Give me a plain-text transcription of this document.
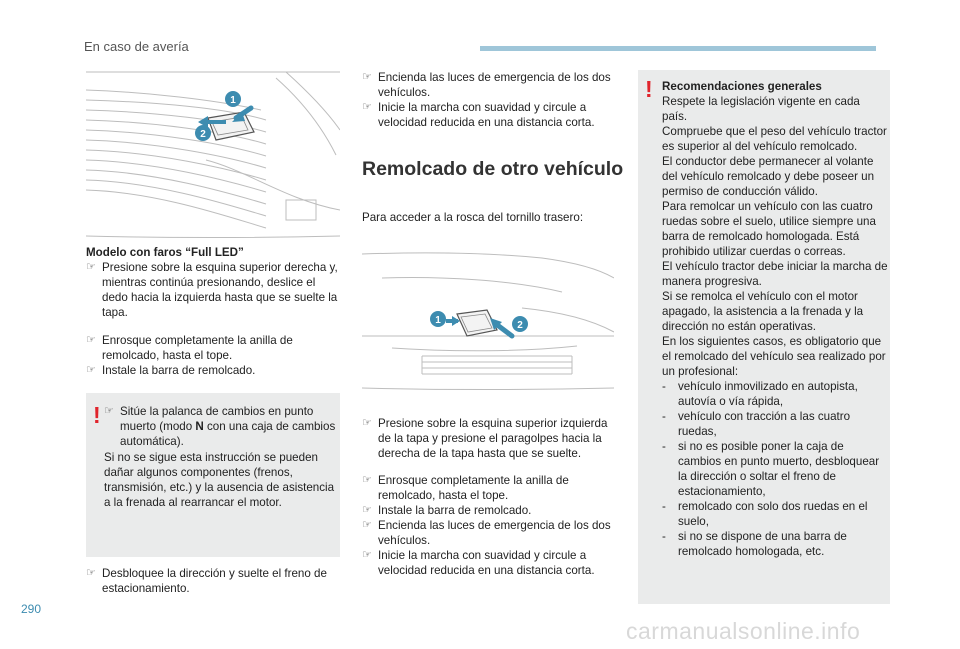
En caso de avería
1
2

Modelo con faros “Full LED”

☞ Presione sobre la esquina superior derecha y, mientras continúa presionando, deslice el dedo hacia la izquierda hasta que se suelte la tapa.
☞ Enrosque completamente la anilla de remolcado, hasta el tope.
☞ Instale la barra de remolcado.
! ☞ Sitúe la palanca de cambios en punto muerto (modo N con una caja de cambios automática).

Si no se sigue esta instrucción se pueden dañar algunos componentes (frenos, transmisión, etc.) y la ausencia de asistencia a la frenada al rearrancar el motor.

☞ Desbloquee la dirección y suelte el freno de estacionamiento.
☞ Encienda las luces de emergencia de los dos vehículos.
☞ Inicie la marcha con suavidad y circule a velocidad reducida en una distancia corta.
Remolcado de otro vehículo
Para acceder a la rosca del tornillo trasero:
1	2
☞ Presione sobre la esquina superior izquierda de la tapa y presione el paragolpes hacia la derecha de la tapa hasta que se suelte.
☞ Enrosque completamente la anilla de remolcado, hasta el tope.
☞ Instale la barra de remolcado.
☞ Encienda las luces de emergencia de los dos vehículos.
☞ Inicie la marcha con suavidad y circule a velocidad reducida en una distancia corta.
! Recomendaciones generales

Respete la legislación vigente en cada país.

Compruebe que el peso del vehículo tractor es superior al del vehículo remolcado.

El conductor debe permanecer al volante del vehículo remolcado y debe poseer un permiso de conducción válido.

Para remolcar un vehículo con las cuatro ruedas sobre el suelo, utilice siempre una barra de remolcado homologada. Está prohibido utilizar cuerdas o correas.

El vehículo tractor debe iniciar la marcha de manera progresiva.

Si se remolca el vehículo con el motor apagado, la asistencia a la frenada y la dirección no están operativas.

En los siguientes casos, es obligatorio que el remolcado del vehículo sea realizado por un profesional:

-	vehículo inmovilizado en autopista, autovía o vía rápida,
-	vehículo con tracción a las cuatro ruedas,
-	si no es posible poner la caja de cambios en punto muerto, desbloquear la dirección o soltar el freno de estacionamiento,
-	remolcado con solo dos ruedas en el suelo,
-	si no se dispone de una barra de remolcado homologada, etc.
290
carmanualsonline.info
